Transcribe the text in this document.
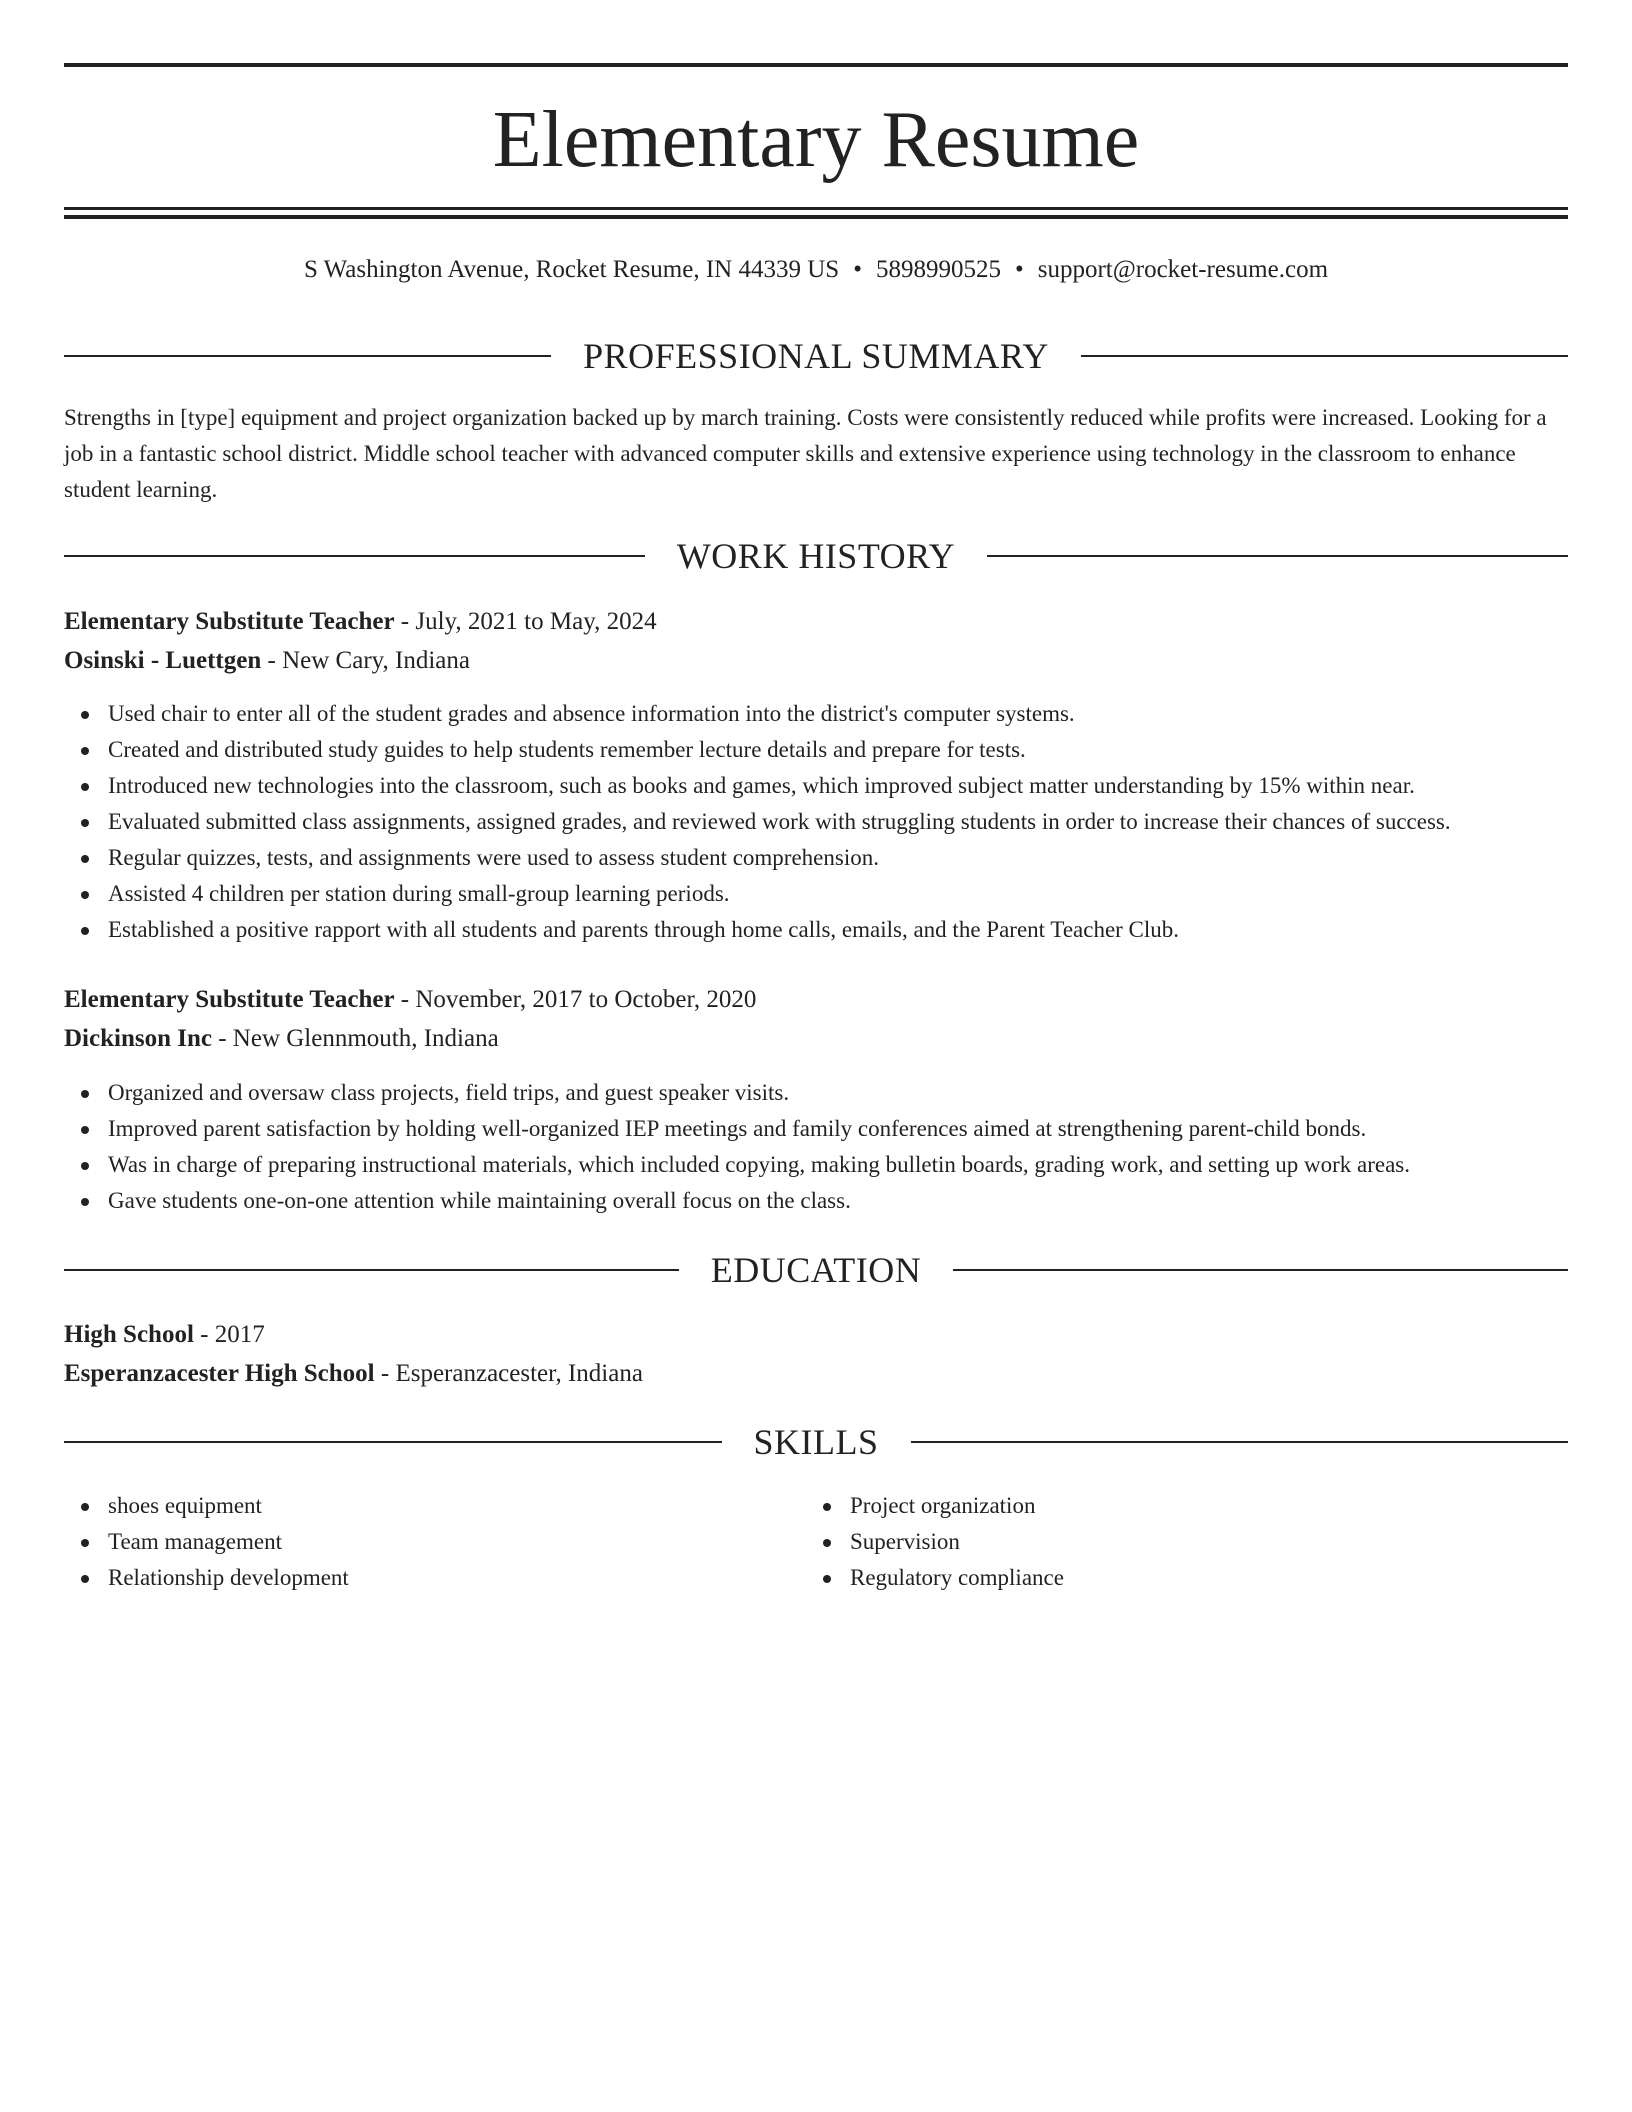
Elementary Resume
S Washington Avenue, Rocket Resume, IN 44339 US • 5898990525 • support@rocket-resume.com
PROFESSIONAL SUMMARY

Strengths in [type] equipment and project organization backed up by march training. Costs were consistently reduced while profits were increased. Looking for a job in a fantastic school district. Middle school teacher with advanced computer skills and extensive experience using technology in the classroom to enhance student learning.

WORK HISTORY
Elementary Substitute Teacher - July, 2021 to May, 2024
Osinski - Luettgen - New Cary, Indiana
Used chair to enter all of the student grades and absence information into the district's computer systems.
Created and distributed study guides to help students remember lecture details and prepare for tests.
Introduced new technologies into the classroom, such as books and games, which improved subject matter understanding by 15% within near.
Evaluated submitted class assignments, assigned grades, and reviewed work with struggling students in order to increase their chances of success.
Regular quizzes, tests, and assignments were used to assess student comprehension.
Assisted 4 children per station during small-group learning periods.
Established a positive rapport with all students and parents through home calls, emails, and the Parent Teacher Club.
Elementary Substitute Teacher - November, 2017 to October, 2020
Dickinson Inc - New Glennmouth, Indiana
Organized and oversaw class projects, field trips, and guest speaker visits.
Improved parent satisfaction by holding well-organized IEP meetings and family conferences aimed at strengthening parent-child bonds.
Was in charge of preparing instructional materials, which included copying, making bulletin boards, grading work, and setting up work areas.
Gave students one-on-one attention while maintaining overall focus on the class.
EDUCATION
High School - 2017
Esperanzacester High School - Esperanzacester, Indiana
SKILLS
shoes equipment
Team management
Relationship development
Project organization
Supervision
Regulatory compliance
